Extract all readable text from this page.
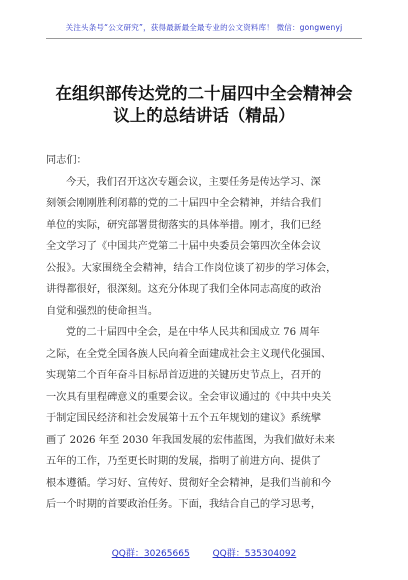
关注头条号“公文研究”，获得最新最全最专业的公文资料库！ 微信：gongwenyj
在组织部传达党的二十届四中全会精神会
议上的总结讲话（精品）
同志们：
今天，我们召开这次专题会议，主要任务是传达学习、深
刻领会刚刚胜利闭幕的党的二十届四中全会精神，并结合我们
单位的实际，研究部署贯彻落实的具体举措。刚才，我们已经
全文学习了《中国共产党第二十届中央委员会第四次全体会议
公报》。大家围绕全会精神，结合工作岗位谈了初步的学习体会，
讲得都很好，很深刻。这充分体现了我们全体同志高度的政治
自觉和强烈的使命担当。
党的二十届四中全会，是在中华人民共和国成立 76 周年
之际，在全党全国各族人民向着全面建成社会主义现代化强国、
实现第二个百年奋斗目标昂首迈进的关键历史节点上，召开的
一次具有里程碑意义的重要会议。全会审议通过的《中共中央关
于制定国民经济和社会发展第十五个五年规划的建议》系统擘
画了 2026 年至 2030 年我国发展的宏伟蓝图，为我们做好未来
五年的工作，乃至更长时期的发展，指明了前进方向、提供了
根本遵循。学习好、宣传好、贯彻好全会精神，是我们当前和今
后一个时期的首要政治任务。下面，我结合自己的学习思考，
QQ群：30265665	QQ群：535304092
